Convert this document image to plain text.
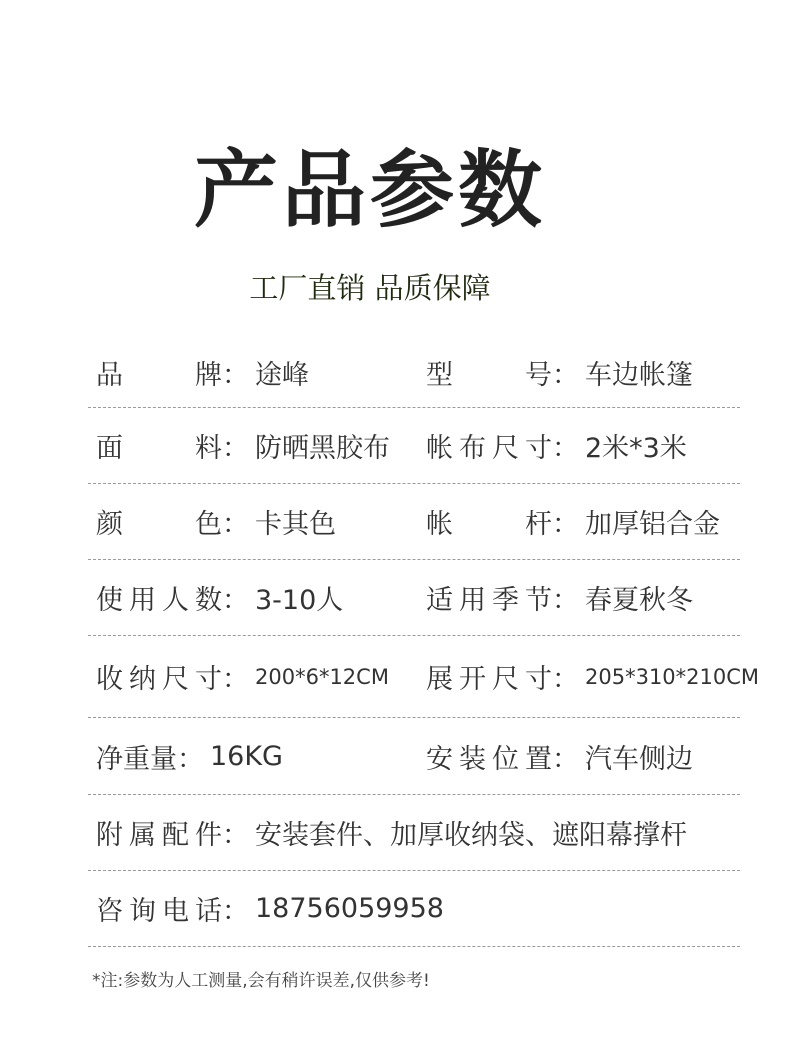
产品参数
工厂直销 品质保障
品牌 ： 途峰	型号 ： 车边帐篷
面料 ： 防晒黑胶布 帐布尺寸 ： 2米*3米
颜色 ： 卡其色	帐杆 ： 加厚铝合金
使用人数 ： 3-10人	适用季节 ： 春夏秋冬
收纳尺寸 ： 200*6*12CM 展开尺寸 ： 205*310*210CM
净重量 ： 16KG	安装位置 ： 汽车侧边
附属配件 ： 安装套件、加厚收纳袋、遮阳幕撑杆
咨询电话 ： 18756059958
*注:参数为人工测量,会有稍许误差,仅供参考!
